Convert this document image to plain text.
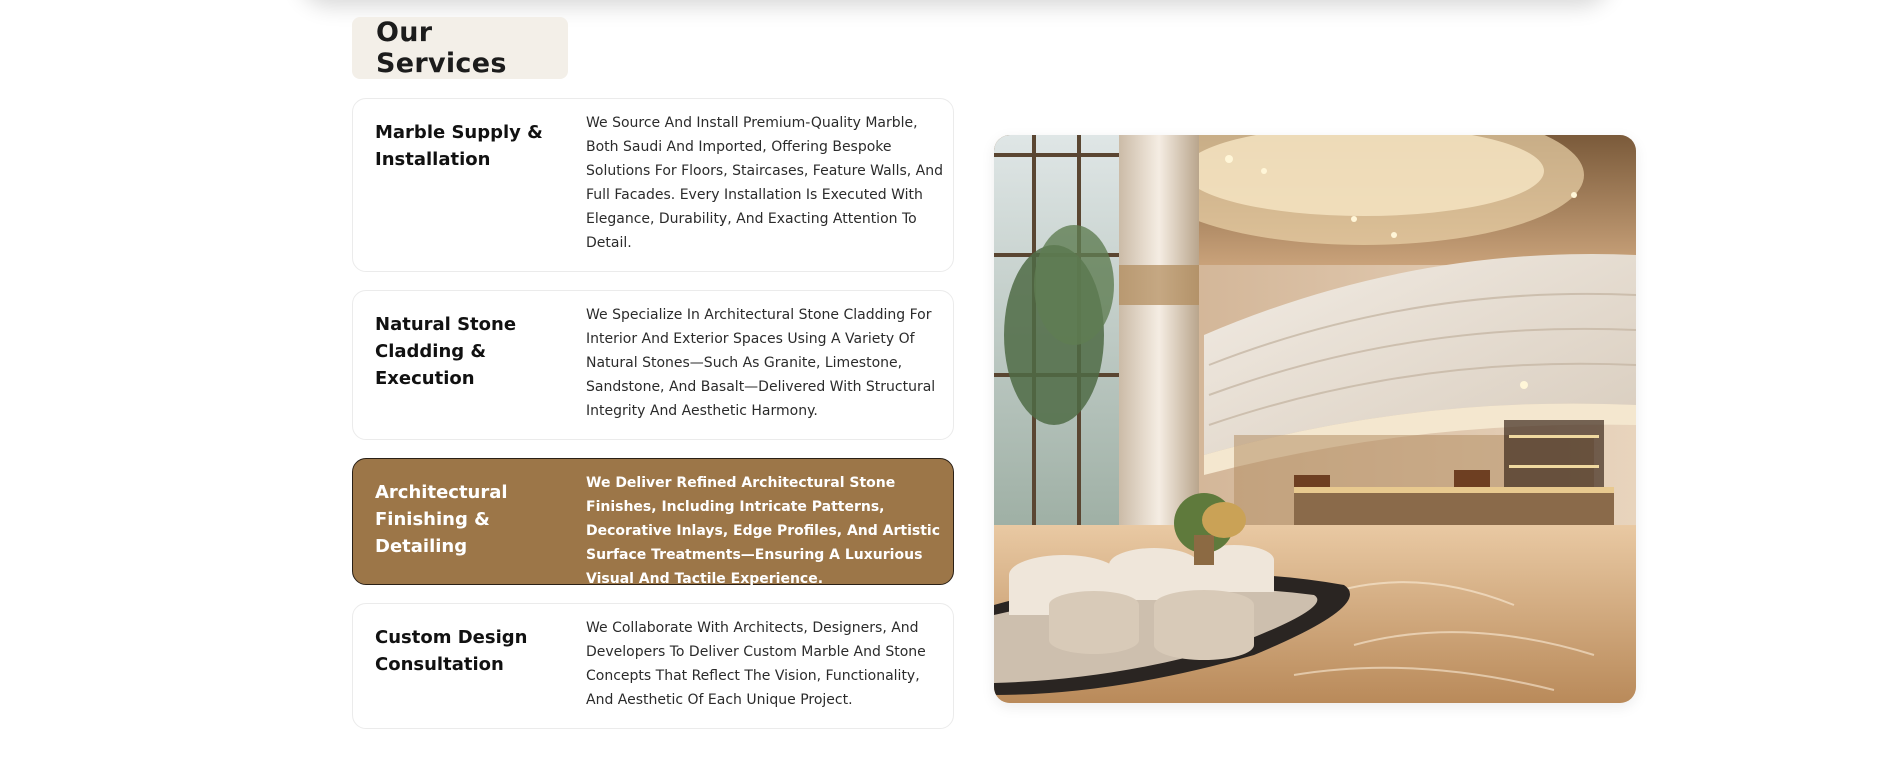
Our Services
Marble Supply & Installation
We Source And Install Premium-Quality Marble, Both Saudi And Imported, Offering Bespoke Solutions For Floors, Staircases, Feature Walls, And Full Facades. Every Installation Is Executed With Elegance, Durability, And Exacting Attention To Detail.
Natural Stone Cladding & Execution
We Specialize In Architectural Stone Cladding For Interior And Exterior Spaces Using A Variety Of Natural Stones—Such As Granite, Limestone, Sandstone, And Basalt—Delivered With Structural Integrity And Aesthetic Harmony.
Architectural Finishing & Detailing
We Deliver Refined Architectural Stone Finishes, Including Intricate Patterns, Decorative Inlays, Edge Profiles, And Artistic Surface Treatments—Ensuring A Luxurious Visual And Tactile Experience.
Custom Design Consultation
We Collaborate With Architects, Designers, And Developers To Deliver Custom Marble And Stone Concepts That Reflect The Vision, Functionality, And Aesthetic Of Each Unique Project.
